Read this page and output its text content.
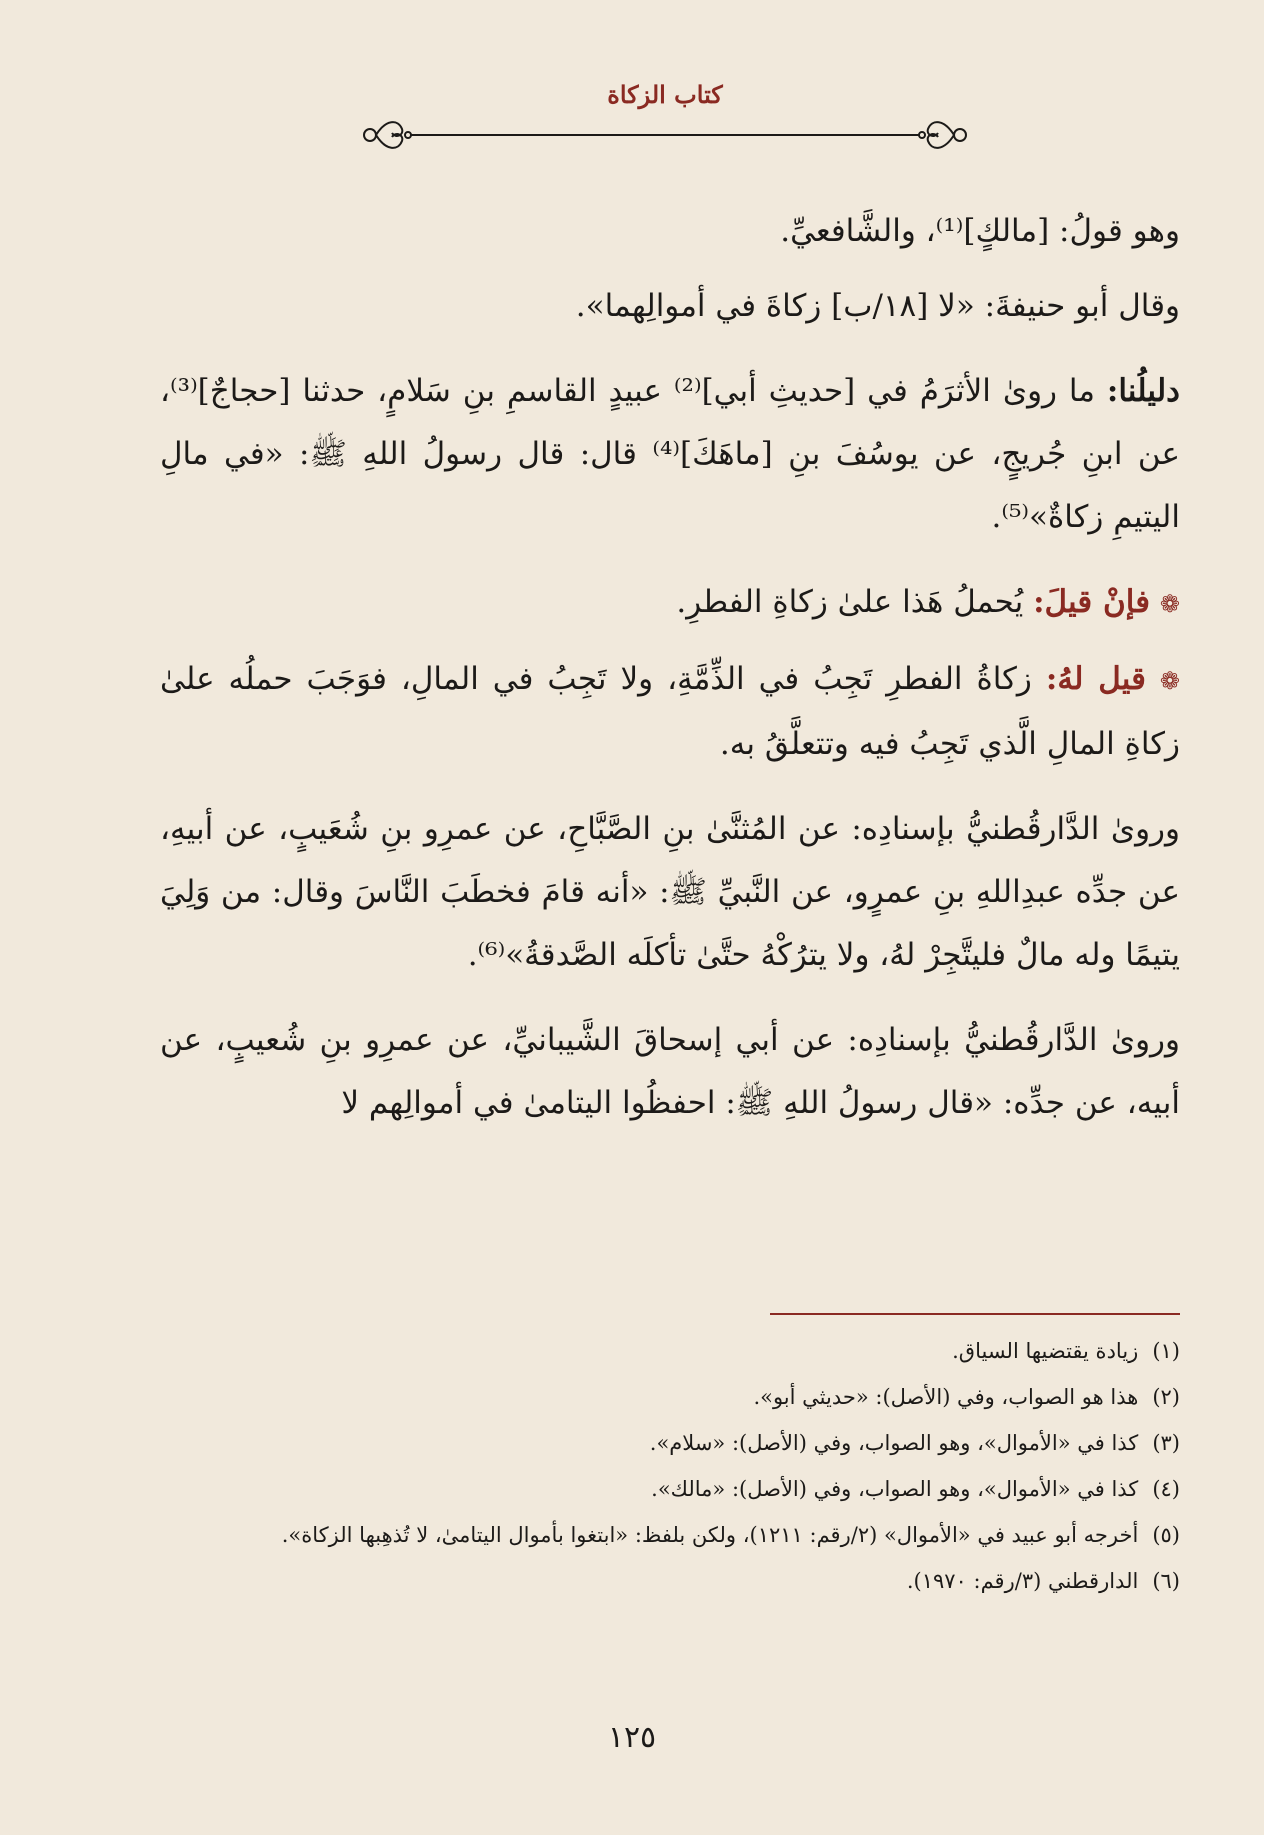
كتاب الزكاة

وهو قولُ: [مالكٍ]⁽¹⁾، والشَّافعيِّ.

وقال أبو حنيفةَ: «لا [١٨/ب] زكاةَ في أموالِهما».

دليلُنا: ما روىٰ الأثرَمُ في [حديثِ أبي]⁽²⁾ عبيدٍ القاسمِ بنِ سَلامٍ، حدثنا [حجاجٌ]⁽³⁾، عن ابنِ جُريجٍ، عن يوسُفَ بنِ [ماهَكَ]⁽⁴⁾ قال: قال رسولُ اللهِ ﷺ: «في مالِ اليتيمِ زكاةٌ»⁽⁵⁾.

❁ فإنْ قيلَ: يُحملُ هَذا علىٰ زكاةِ الفطرِ.

❁ قيل لهُ: زكاةُ الفطرِ تَجِبُ في الذِّمَّةِ، ولا تَجِبُ في المالِ، فوَجَبَ حملُه علىٰ زكاةِ المالِ الَّذي تَجِبُ فيه وتتعلَّقُ به.

وروىٰ الدَّارقُطنيُّ بإسنادِه: عن المُثنَّىٰ بنِ الصَّبَّاحِ، عن عمرِو بنِ شُعَيبٍ، عن أبيهِ، عن جدِّه عبدِاللهِ بنِ عمرٍو، عن النَّبيِّ ﷺ: «أنه قامَ فخطَبَ النَّاسَ وقال: من وَلِيَ يتيمًا وله مالٌ فليتَّجِرْ لهُ، ولا يترُكْهُ حتَّىٰ تأكلَه الصَّدقةُ»⁽⁶⁾.

وروىٰ الدَّارقُطنيُّ بإسنادِه: عن أبي إسحاقَ الشَّيبانيِّ، عن عمرِو بنِ شُعيبٍ، عن أبيه، عن جدِّه: «قال رسولُ اللهِ ﷺ: احفظُوا اليتامىٰ في أموالِهم لا

(١)زيادة يقتضيها السياق.

(٢)هذا هو الصواب، وفي (الأصل): «حديثي أبو».

(٣)كذا في «الأموال»، وهو الصواب، وفي (الأصل): «سلام».

(٤)كذا في «الأموال»، وهو الصواب، وفي (الأصل): «مالك».

(٥)أخرجه أبو عبيد في «الأموال» (٢/رقم: ١٢١١)، ولكن بلفظ: «ابتغوا بأموال اليتامىٰ، لا تُذهِبها الزكاة».

(٦)الدارقطني (٣/رقم: ١٩٧٠).

١٢٥
